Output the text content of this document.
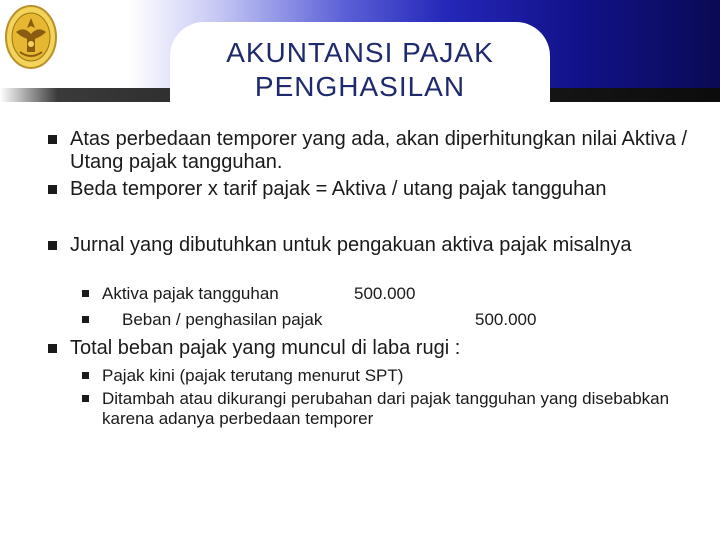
AKUNTANSI PAJAK PENGHASILAN
Atas perbedaan temporer yang ada, akan diperhitungkan nilai Aktiva / Utang pajak tangguhan.
Beda temporer x tarif pajak = Aktiva / utang pajak tangguhan
Jurnal yang dibutuhkan untuk pengakuan aktiva pajak misalnya
Aktiva pajak tangguhan	500.000
Beban / penghasilan pajak	500.000
Total beban pajak yang muncul di laba rugi :
Pajak kini (pajak terutang menurut SPT)
Ditambah atau dikurangi perubahan dari pajak tangguhan yang disebabkan karena adanya perbedaan temporer
